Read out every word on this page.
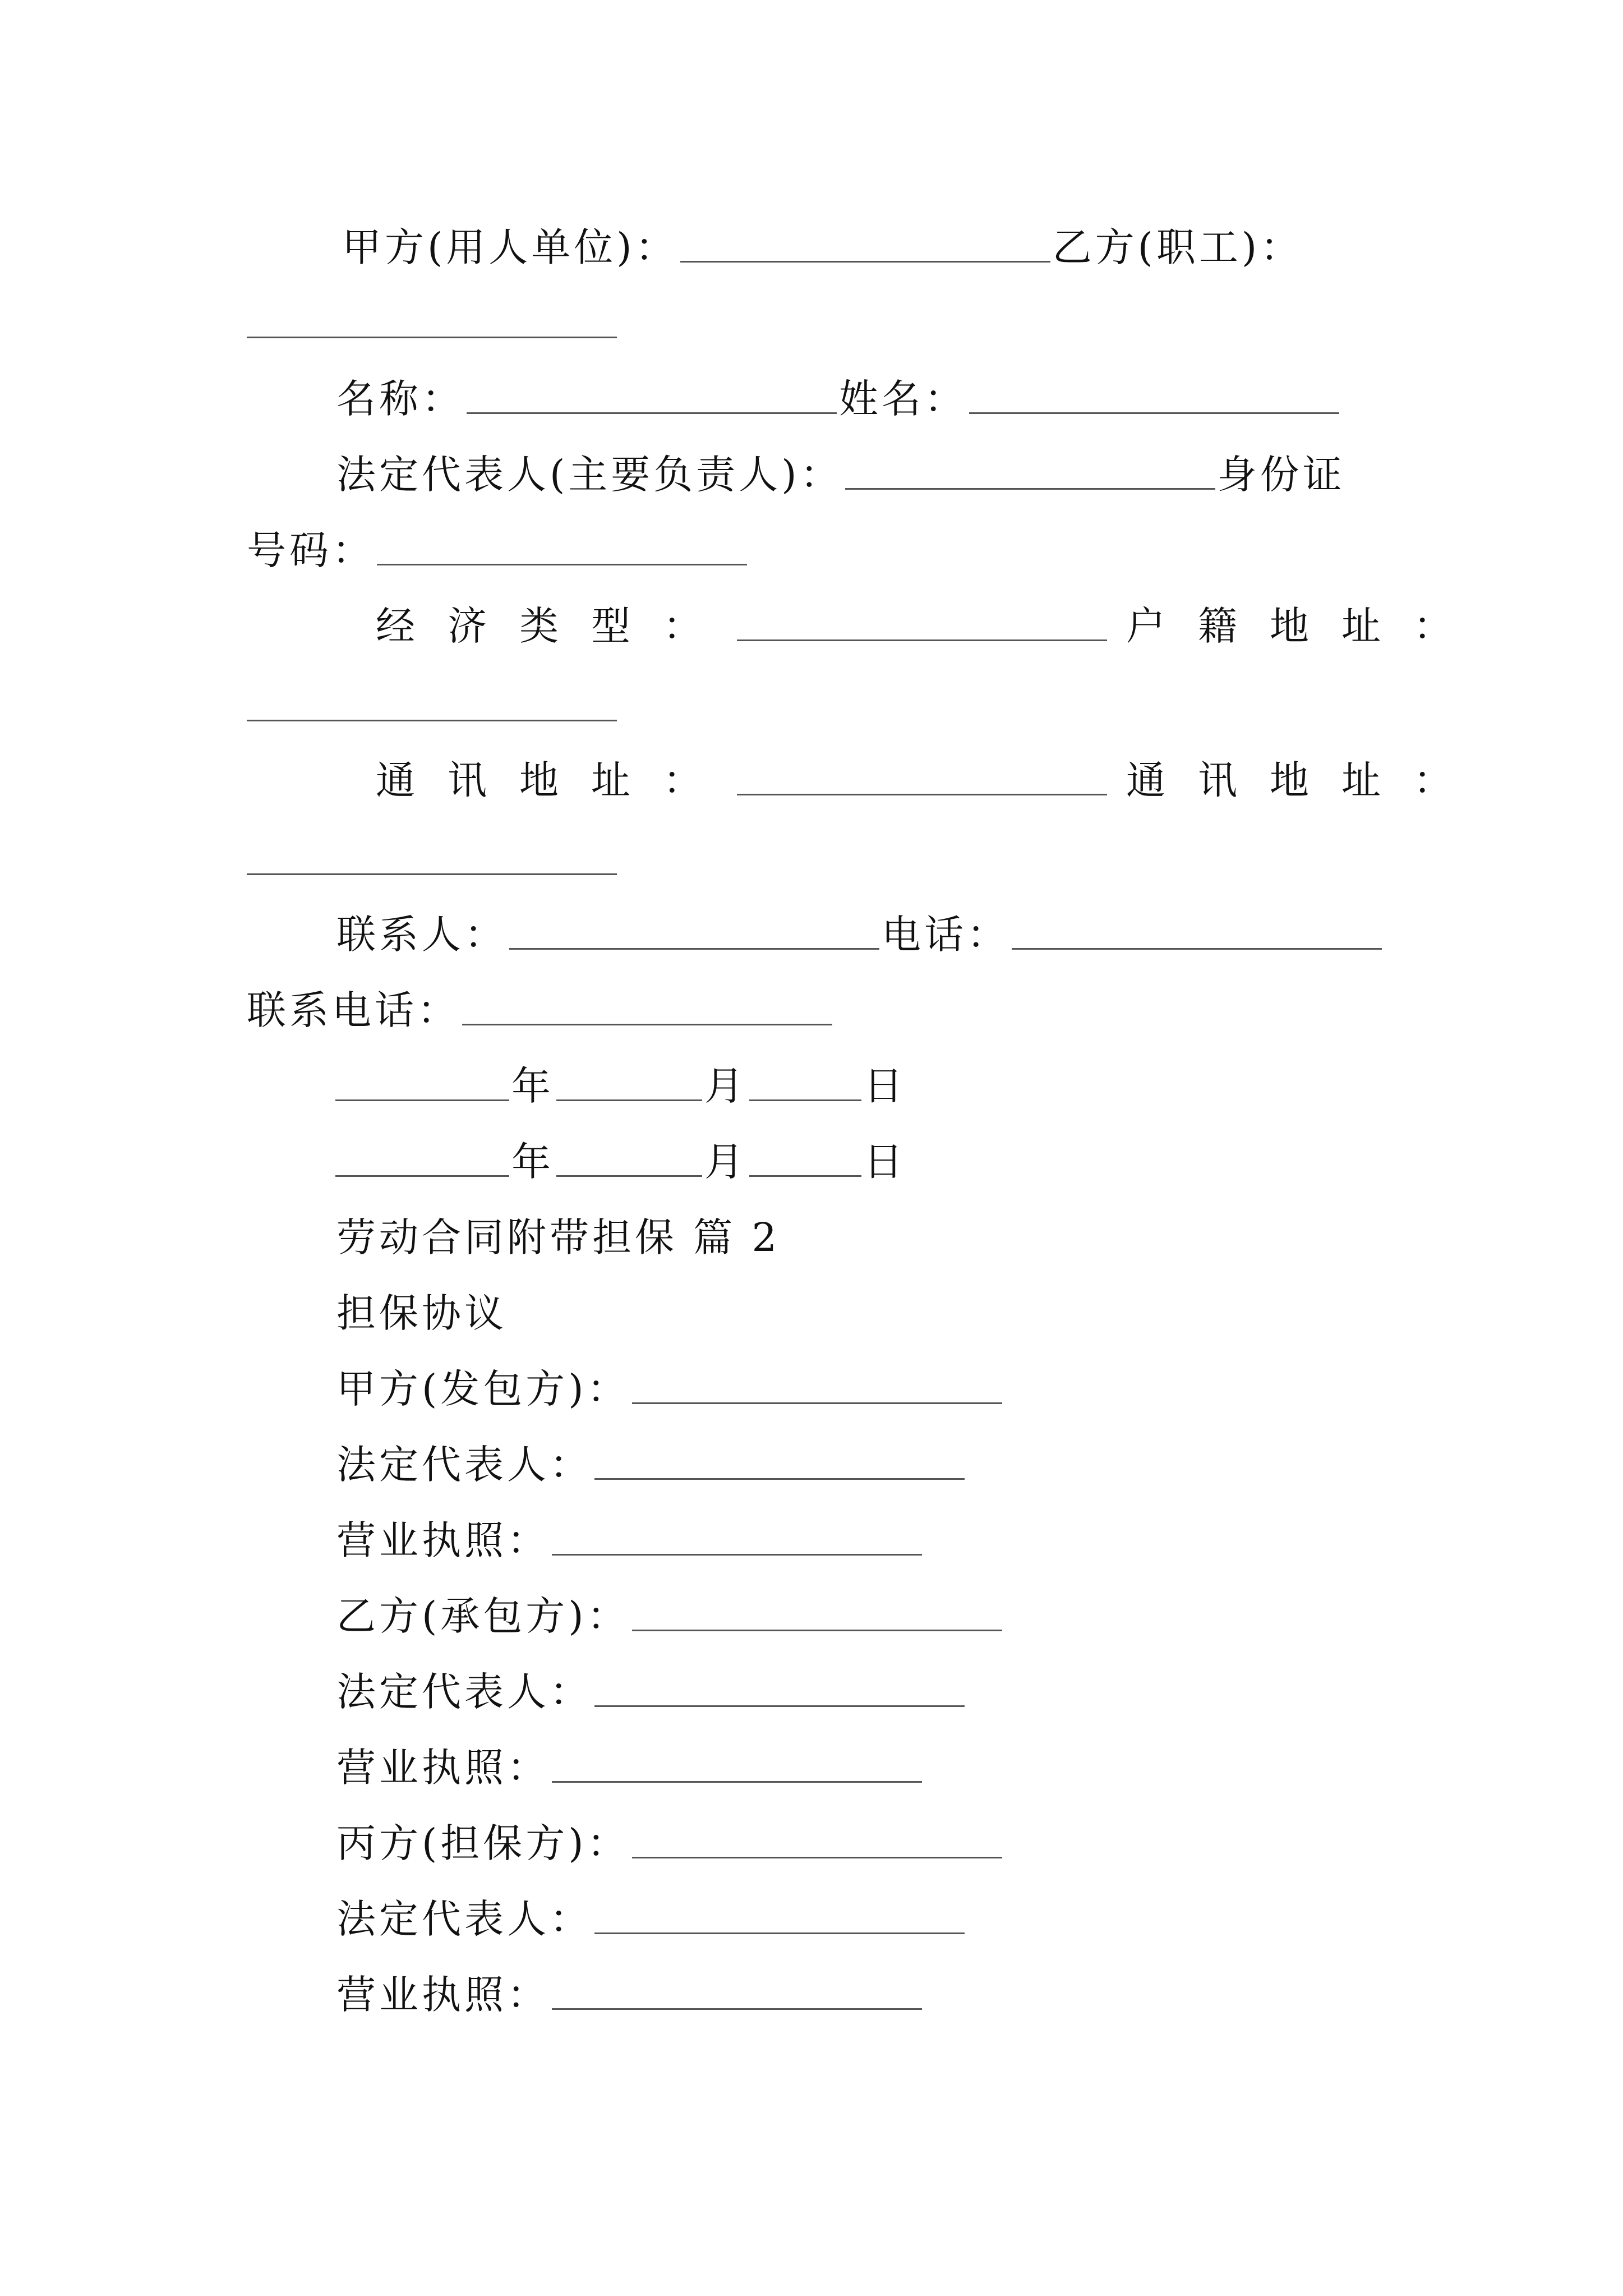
甲方(用人单位)：	乙方(职工)：
名称：	姓名：
法定代表人(主要负责人)：	身份证
号码：
经济类型：	户籍地址：
通讯地址：	通讯地址：
联系人：	电话：
联系电话：
年	月	日
年	月	日
劳动合同附带担保 篇 2
担保协议
甲方(发包方)：
法定代表人：
营业执照：
乙方(承包方)：
法定代表人：
营业执照：
丙方(担保方)：
法定代表人：
营业执照：
